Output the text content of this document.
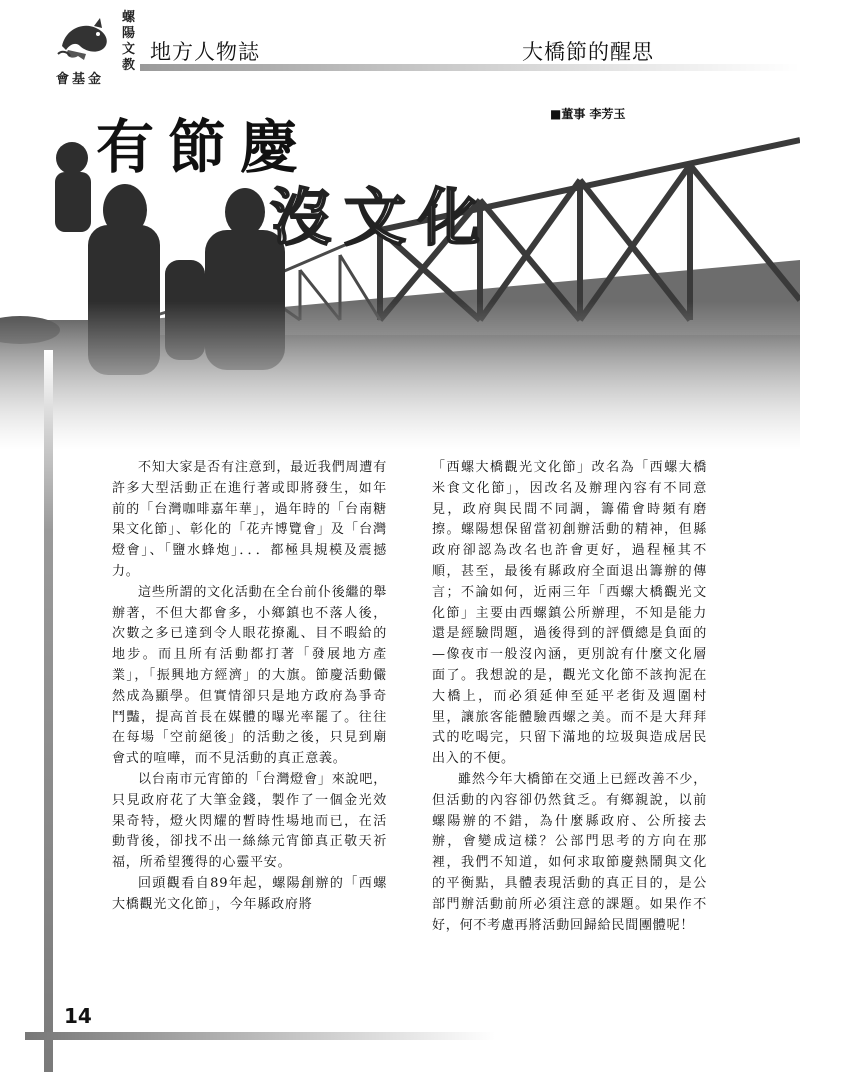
螺
陽
文
教
會 基 金
地方人物誌	大橋節的醒思
有節慶
沒文化
■董事 李芳玉
14

不知大家是否有注意到，最近我們周遭有許多大型活動正在進行著或即將發生，如年前的「台灣咖啡嘉年華」，過年時的「台南糖果文化節」、彰化的「花卉博覽會」及「台灣燈會」、「鹽水蜂炮」．．．都極具規模及震撼力。

這些所謂的文化活動在全台前仆後繼的舉辦著，不但大都會多，小鄉鎮也不落人後，次數之多已達到令人眼花撩亂、目不暇給的地步。而且所有活動都打著「發展地方產業」，「振興地方經濟」的大旗。節慶活動儼然成為顯學。但實情卻只是地方政府為爭奇鬥豔，提高首長在媒體的曝光率罷了。往往在每場「空前絕後」的活動之後，只見到廟會式的喧嘩，而不見活動的真正意義。

以台南市元宵節的「台灣燈會」來說吧，只見政府花了大筆金錢，製作了一個金光效果奇特，燈火閃耀的暫時性場地而已，在活動背後，卻找不出一絲絲元宵節真正敬天祈福，所希望獲得的心靈平安。

回頭觀看自89年起，螺陽創辦的「西螺大橋觀光文化節」，今年縣政府將

「西螺大橋觀光文化節」改名為「西螺大橋米食文化節」，因改名及辦理內容有不同意見，政府與民間不同調，籌備會時頻有磨擦。螺陽想保留當初創辦活動的精神，但縣政府卻認為改名也許會更好，過程極其不順，甚至，最後有縣政府全面退出籌辦的傳言；不論如何，近兩三年「西螺大橋觀光文化節」主要由西螺鎮公所辦理，不知是能力還是經驗問題，過後得到的評價總是負面的—像夜市一般沒內涵，更別說有什麼文化層面了。我想說的是，觀光文化節不該拘泥在大橋上，而必須延伸至延平老街及週圍村里，讓旅客能體驗西螺之美。而不是大拜拜式的吃喝完，只留下滿地的垃圾與造成居民出入的不便。

雖然今年大橋節在交通上已經改善不少，但活動的內容卻仍然貧乏。有鄉親說，以前螺陽辦的不錯，為什麼縣政府、公所接去辦，會變成這樣？公部門思考的方向在那裡，我們不知道，如何求取節慶熱鬧與文化的平衡點，具體表現活動的真正目的，是公部門辦活動前所必須注意的課題。如果作不好，何不考慮再將活動回歸給民間團體呢！
